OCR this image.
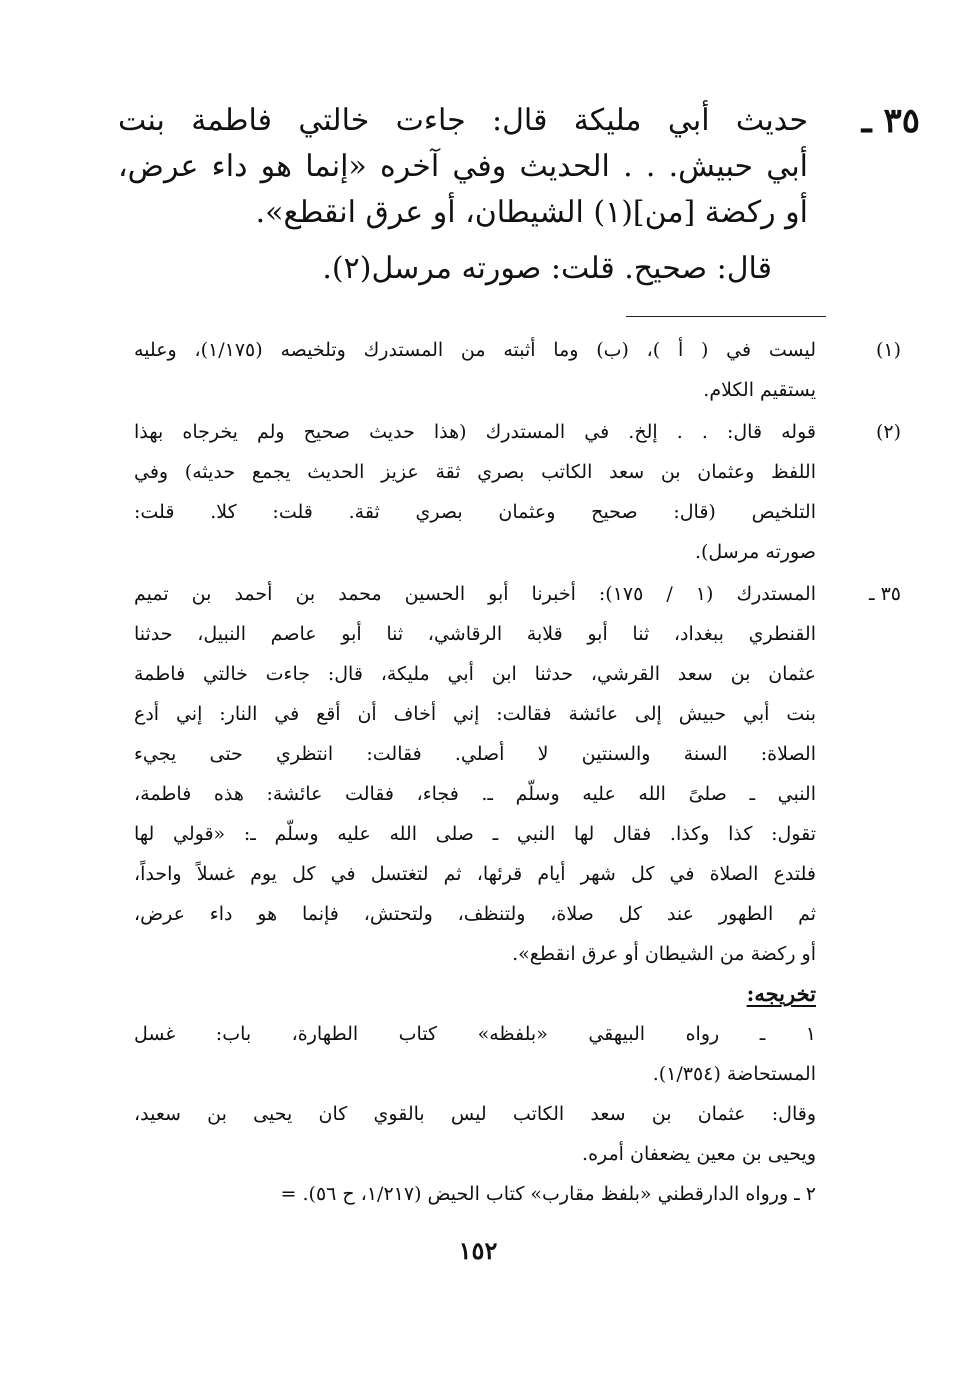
٣٥ ـ
حديث أبي مليكة قال: جاءت خالتي فاطمة بنت
أبي حبيش. . . الحديث وفي آخره «إنما هو داء عرض،
أو ركضة [من](١) الشيطان، أو عرق انقطع».
قال: صحيح. قلت: صورته مرسل(٢).
(١)
ليست في ( أ )، (ب) وما أثبته من المستدرك وتلخيصه (١/١٧٥)، وعليه
يستقيم الكلام.
(٢)
قوله قال: . . إلخ. في المستدرك (هذا حديث صحيح ولم يخرجاه بهذا
اللفظ وعثمان بن سعد الكاتب بصري ثقة عزيز الحديث يجمع حديثه) وفي
التلخيص (قال: صحيح وعثمان بصري ثقة. قلت: كلا. قلت:
صورته مرسل).
٣٥ ـ
المستدرك (١ / ١٧٥): أخبرنا أبو الحسين محمد بن أحمد بن تميم
القنطري ببغداد، ثنا أبو قلابة الرقاشي، ثنا أبو عاصم النبيل، حدثنا
عثمان بن سعد القرشي، حدثنا ابن أبي مليكة، قال: جاءت خالتي فاطمة
بنت أبي حبيش إلى عائشة فقالت: إني أخاف أن أقع في النار: إني أدع
الصلاة: السنة والسنتين لا أصلي. فقالت: انتظري حتى يجيء
النبي ـ صلىً الله عليه وسلّم ـ. فجاء، فقالت عائشة: هذه فاطمة،
تقول: كذا وكذا. فقال لها النبي ـ صلى الله عليه وسلّم ـ: «قولي لها
فلتدع الصلاة في كل شهر أيام قرئها، ثم لتغتسل في كل يوم غسلاً واحداً،
ثم الطهور عند كل صلاة، ولتنظف، ولتحتش، فإنما هو داء عرض،
أو ركضة من الشيطان أو عرق انقطع».
تخريجه:
١ ـ رواه البيهقي «بلفظه» كتاب الطهارة، باب: غسل
المستحاضة (١/٣٥٤).
وقال: عثمان بن سعد الكاتب ليس بالقوي كان يحيى بن سعيد،
ويحيى بن معين يضعفان أمره.
٢ ـ ورواه الدارقطني «بلفظ مقارب» كتاب الحيض (١/٢١٧، ح ٥٦). =
١٥٢
